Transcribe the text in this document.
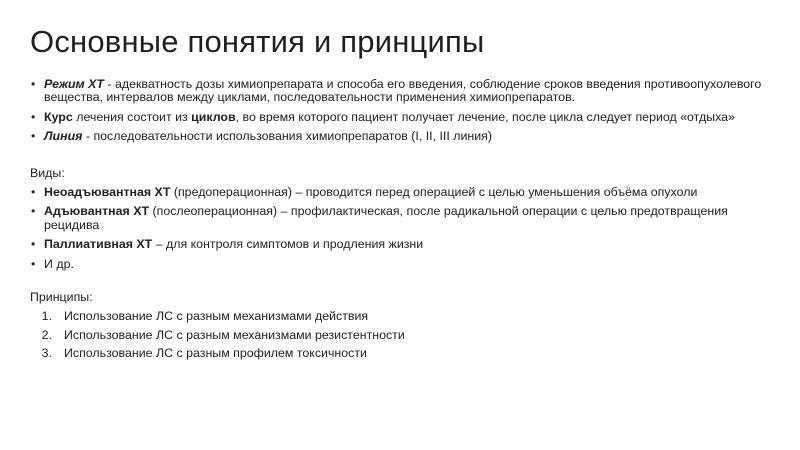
Основные понятия и принципы
• Режим ХТ - адекватность дозы химиопрепарата и способа его введения, соблюдение сроков введения противоопухолевого вещества, интервалов между циклами, последовательности применения химиопрепаратов.
• Курс лечения состоит из циклов, во время которого пациент получает лечение, после цикла следует период «отдыха»
• Линия - последовательности использования химиопрепаратов (I, II, III линия)
Виды:
• Неоадъювантная ХТ (предоперационная) – проводится перед операцией с целью уменьшения объёма опухоли
• Адъювантная ХТ (послеоперационная) – профилактическая, после радикальной операции с целью предотвращения рецидива
• Паллиативная ХТ – для контроля симптомов и продления жизни
• И др.
Принципы:
1. Использование ЛС с разным механизмами действия
2. Использование ЛС с разным механизмами резистентности
3. Использование ЛС с разным профилем токсичности
